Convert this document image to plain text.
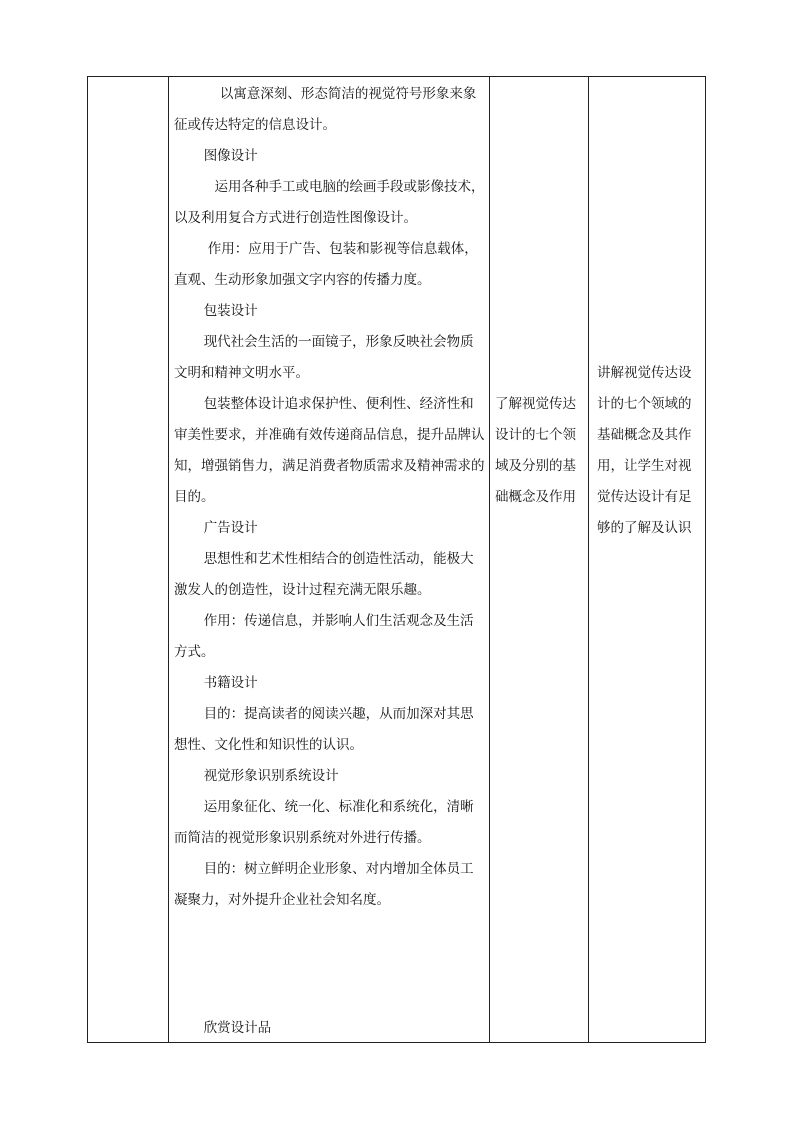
以寓意深刻、形态简洁的视觉符号形象来象征或传达特定的信息设计。

图像设计

运用各种手工或电脑的绘画手段或影像技术，以及利用复合方式进行创造性图像设计。

作用：应用于广告、包装和影视等信息载体，直观、生动形象加强文字内容的传播力度。

包装设计

现代社会生活的一面镜子，形象反映社会物质文明和精神文明水平。

包装整体设计追求保护性、便利性、经济性和审美性要求，并准确有效传递商品信息，提升品牌认知，增强销售力，满足消费者物质需求及精神需求的目的。

广告设计

思想性和艺术性相结合的创造性活动，能极大激发人的创造性，设计过程充满无限乐趣。

作用：传递信息，并影响人们生活观念及生活方式。

书籍设计

目的：提高读者的阅读兴趣，从而加深对其思想性、文化性和知识性的认识。

视觉形象识别系统设计

运用象征化、统一化、标准化和系统化，清晰而简洁的视觉形象识别系统对外进行传播。

目的：树立鲜明企业形象、对内增加全体员工凝聚力，对外提升企业社会知名度。

欣赏设计品

了解视觉传达设计的七个领域及分别的基础概念及作用
讲解视觉传达设计的七个领域的基础概念及其作用，让学生对视觉传达设计有足够的了解及认识
